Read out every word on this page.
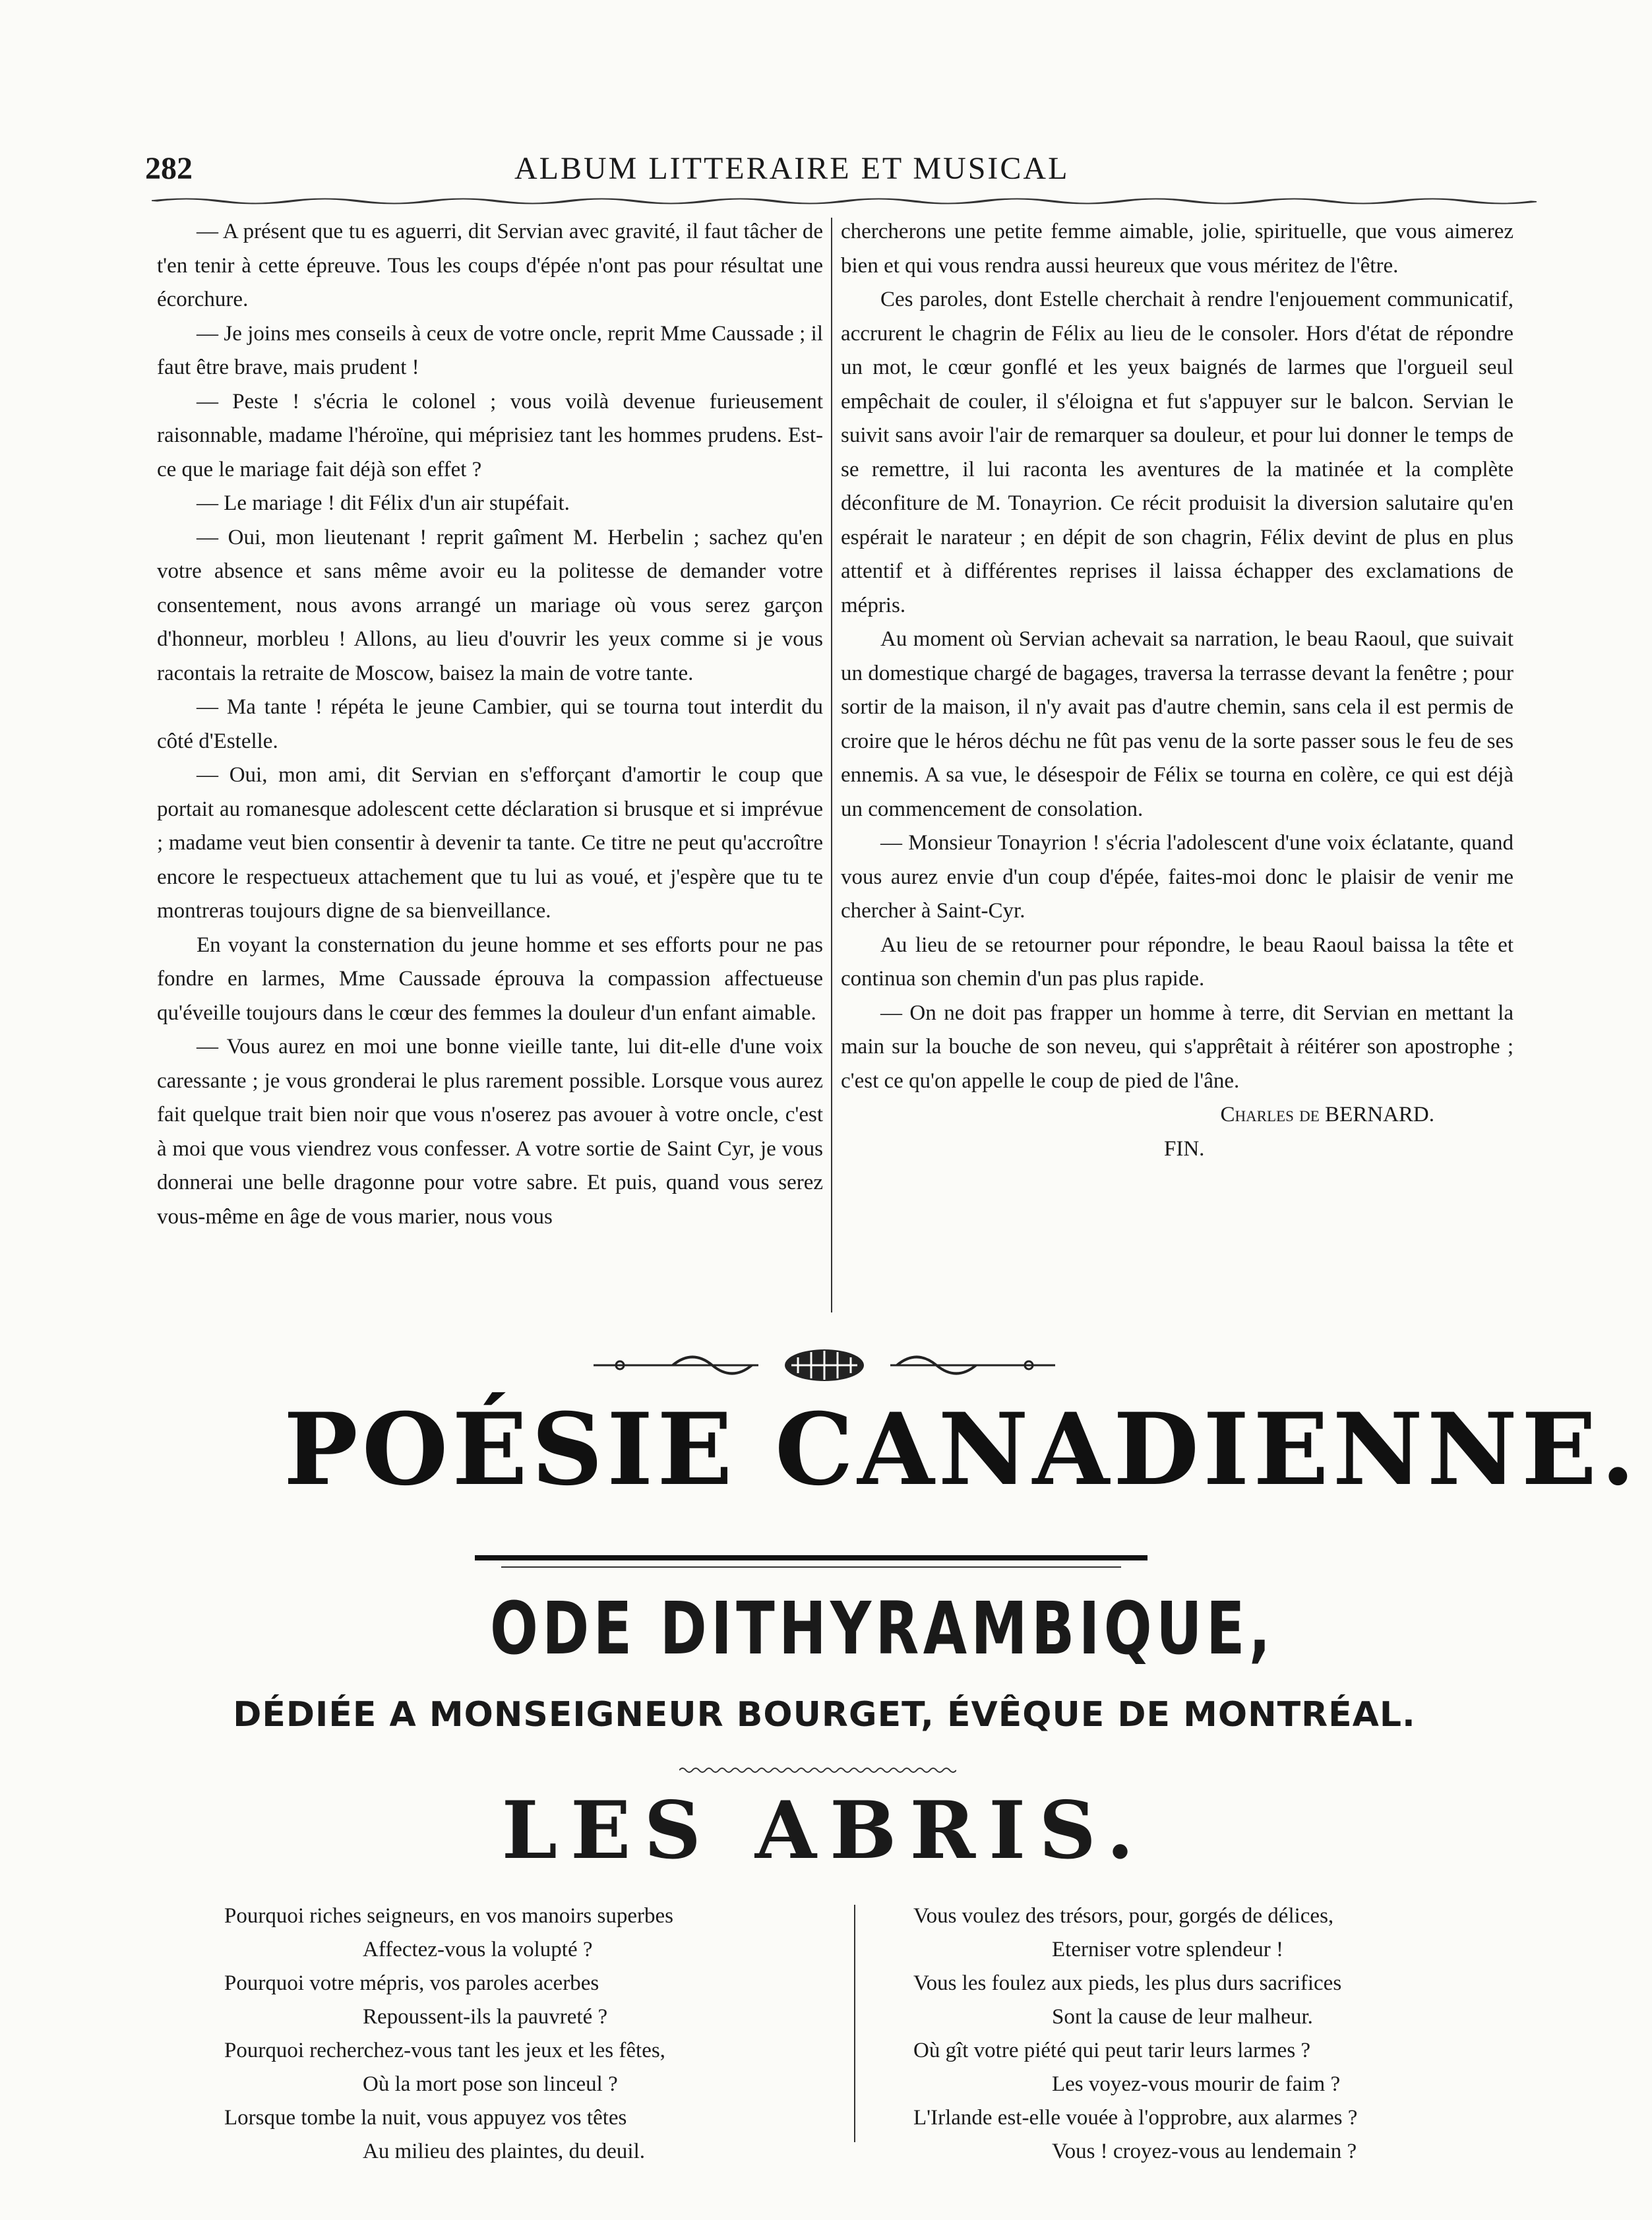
282	ALBUM LITTERAIRE ET MUSICAL

— A présent que tu es aguerri, dit Servian avec gravité, il faut tâcher de t'en tenir à cette épreuve. Tous les coups d'épée n'ont pas pour résultat une écorchure.

— Je joins mes conseils à ceux de votre oncle, reprit Mme Caussade ; il faut être brave, mais prudent !

— Peste ! s'écria le colonel ; vous voilà devenue furieusement raisonnable, madame l'héroïne, qui méprisiez tant les hommes prudens. Est-ce que le mariage fait déjà son effet ?

— Le mariage ! dit Félix d'un air stupéfait.

— Oui, mon lieutenant ! reprit gaîment M. Herbelin ; sachez qu'en votre absence et sans même avoir eu la politesse de demander votre consentement, nous avons arrangé un mariage où vous serez garçon d'honneur, morbleu ! Allons, au lieu d'ouvrir les yeux comme si je vous racontais la retraite de Moscow, baisez la main de votre tante.

— Ma tante ! répéta le jeune Cambier, qui se tourna tout interdit du côté d'Estelle.

— Oui, mon ami, dit Servian en s'efforçant d'amortir le coup que portait au romanesque adolescent cette déclaration si brusque et si imprévue ; madame veut bien consentir à devenir ta tante. Ce titre ne peut qu'accroître encore le respectueux attachement que tu lui as voué, et j'espère que tu te montreras toujours digne de sa bienveillance.

En voyant la consternation du jeune homme et ses efforts pour ne pas fondre en larmes, Mme Caussade éprouva la compassion affectueuse qu'éveille toujours dans le cœur des femmes la douleur d'un enfant aimable.

— Vous aurez en moi une bonne vieille tante, lui dit-elle d'une voix caressante ; je vous gronderai le plus rarement possible. Lorsque vous aurez fait quelque trait bien noir que vous n'oserez pas avouer à votre oncle, c'est à moi que vous viendrez vous confesser. A votre sortie de Saint Cyr, je vous donnerai une belle dragonne pour votre sabre. Et puis, quand vous serez vous-même en âge de vous marier, nous vous

chercherons une petite femme aimable, jolie, spirituelle, que vous aimerez bien et qui vous rendra aussi heureux que vous méritez de l'être.

Ces paroles, dont Estelle cherchait à rendre l'enjouement communicatif, accrurent le chagrin de Félix au lieu de le consoler. Hors d'état de répondre un mot, le cœur gonflé et les yeux baignés de larmes que l'orgueil seul empêchait de couler, il s'éloigna et fut s'appuyer sur le balcon. Servian le suivit sans avoir l'air de remarquer sa douleur, et pour lui donner le temps de se remettre, il lui raconta les aventures de la matinée et la complète déconfiture de M. Tonayrion. Ce récit produisit la diversion salutaire qu'en espérait le narateur ; en dépit de son chagrin, Félix devint de plus en plus attentif et à différentes reprises il laissa échapper des exclamations de mépris.

Au moment où Servian achevait sa narration, le beau Raoul, que suivait un domestique chargé de bagages, traversa la terrasse devant la fenêtre ; pour sortir de la maison, il n'y avait pas d'autre chemin, sans cela il est permis de croire que le héros déchu ne fût pas venu de la sorte passer sous le feu de ses ennemis. A sa vue, le désespoir de Félix se tourna en colère, ce qui est déjà un commencement de consolation.

— Monsieur Tonayrion ! s'écria l'adolescent d'une voix éclatante, quand vous aurez envie d'un coup d'épée, faites-moi donc le plaisir de venir me chercher à Saint-Cyr.

Au lieu de se retourner pour répondre, le beau Raoul baissa la tête et continua son chemin d'un pas plus rapide.

— On ne doit pas frapper un homme à terre, dit Servian en mettant la main sur la bouche de son neveu, qui s'apprêtait à réitérer son apostrophe ; c'est ce qu'on appelle le coup de pied de l'âne.

Charles de BERNARD.
FIN.
POÉSIE CANADIENNE.
ODE DITHYRAMBIQUE,
DÉDIÉE A MONSEIGNEUR BOURGET, ÉVÊQUE DE MONTRÉAL.
LES ABRIS.
Pourquoi riches seigneurs, en vos manoirs superbes
Affectez-vous la volupté ?
Pourquoi votre mépris, vos paroles acerbes
Repoussent-ils la pauvreté ?
Pourquoi recherchez-vous tant les jeux et les fêtes,
Où la mort pose son linceul ?
Lorsque tombe la nuit, vous appuyez vos têtes
Au milieu des plaintes, du deuil.
Vous voulez des trésors, pour, gorgés de délices,
Eterniser votre splendeur !
Vous les foulez aux pieds, les plus durs sacrifices
Sont la cause de leur malheur.
Où gît votre piété qui peut tarir leurs larmes ?
Les voyez-vous mourir de faim ?
L'Irlande est-elle vouée à l'opprobre, aux alarmes ?
Vous ! croyez-vous au lendemain ?
